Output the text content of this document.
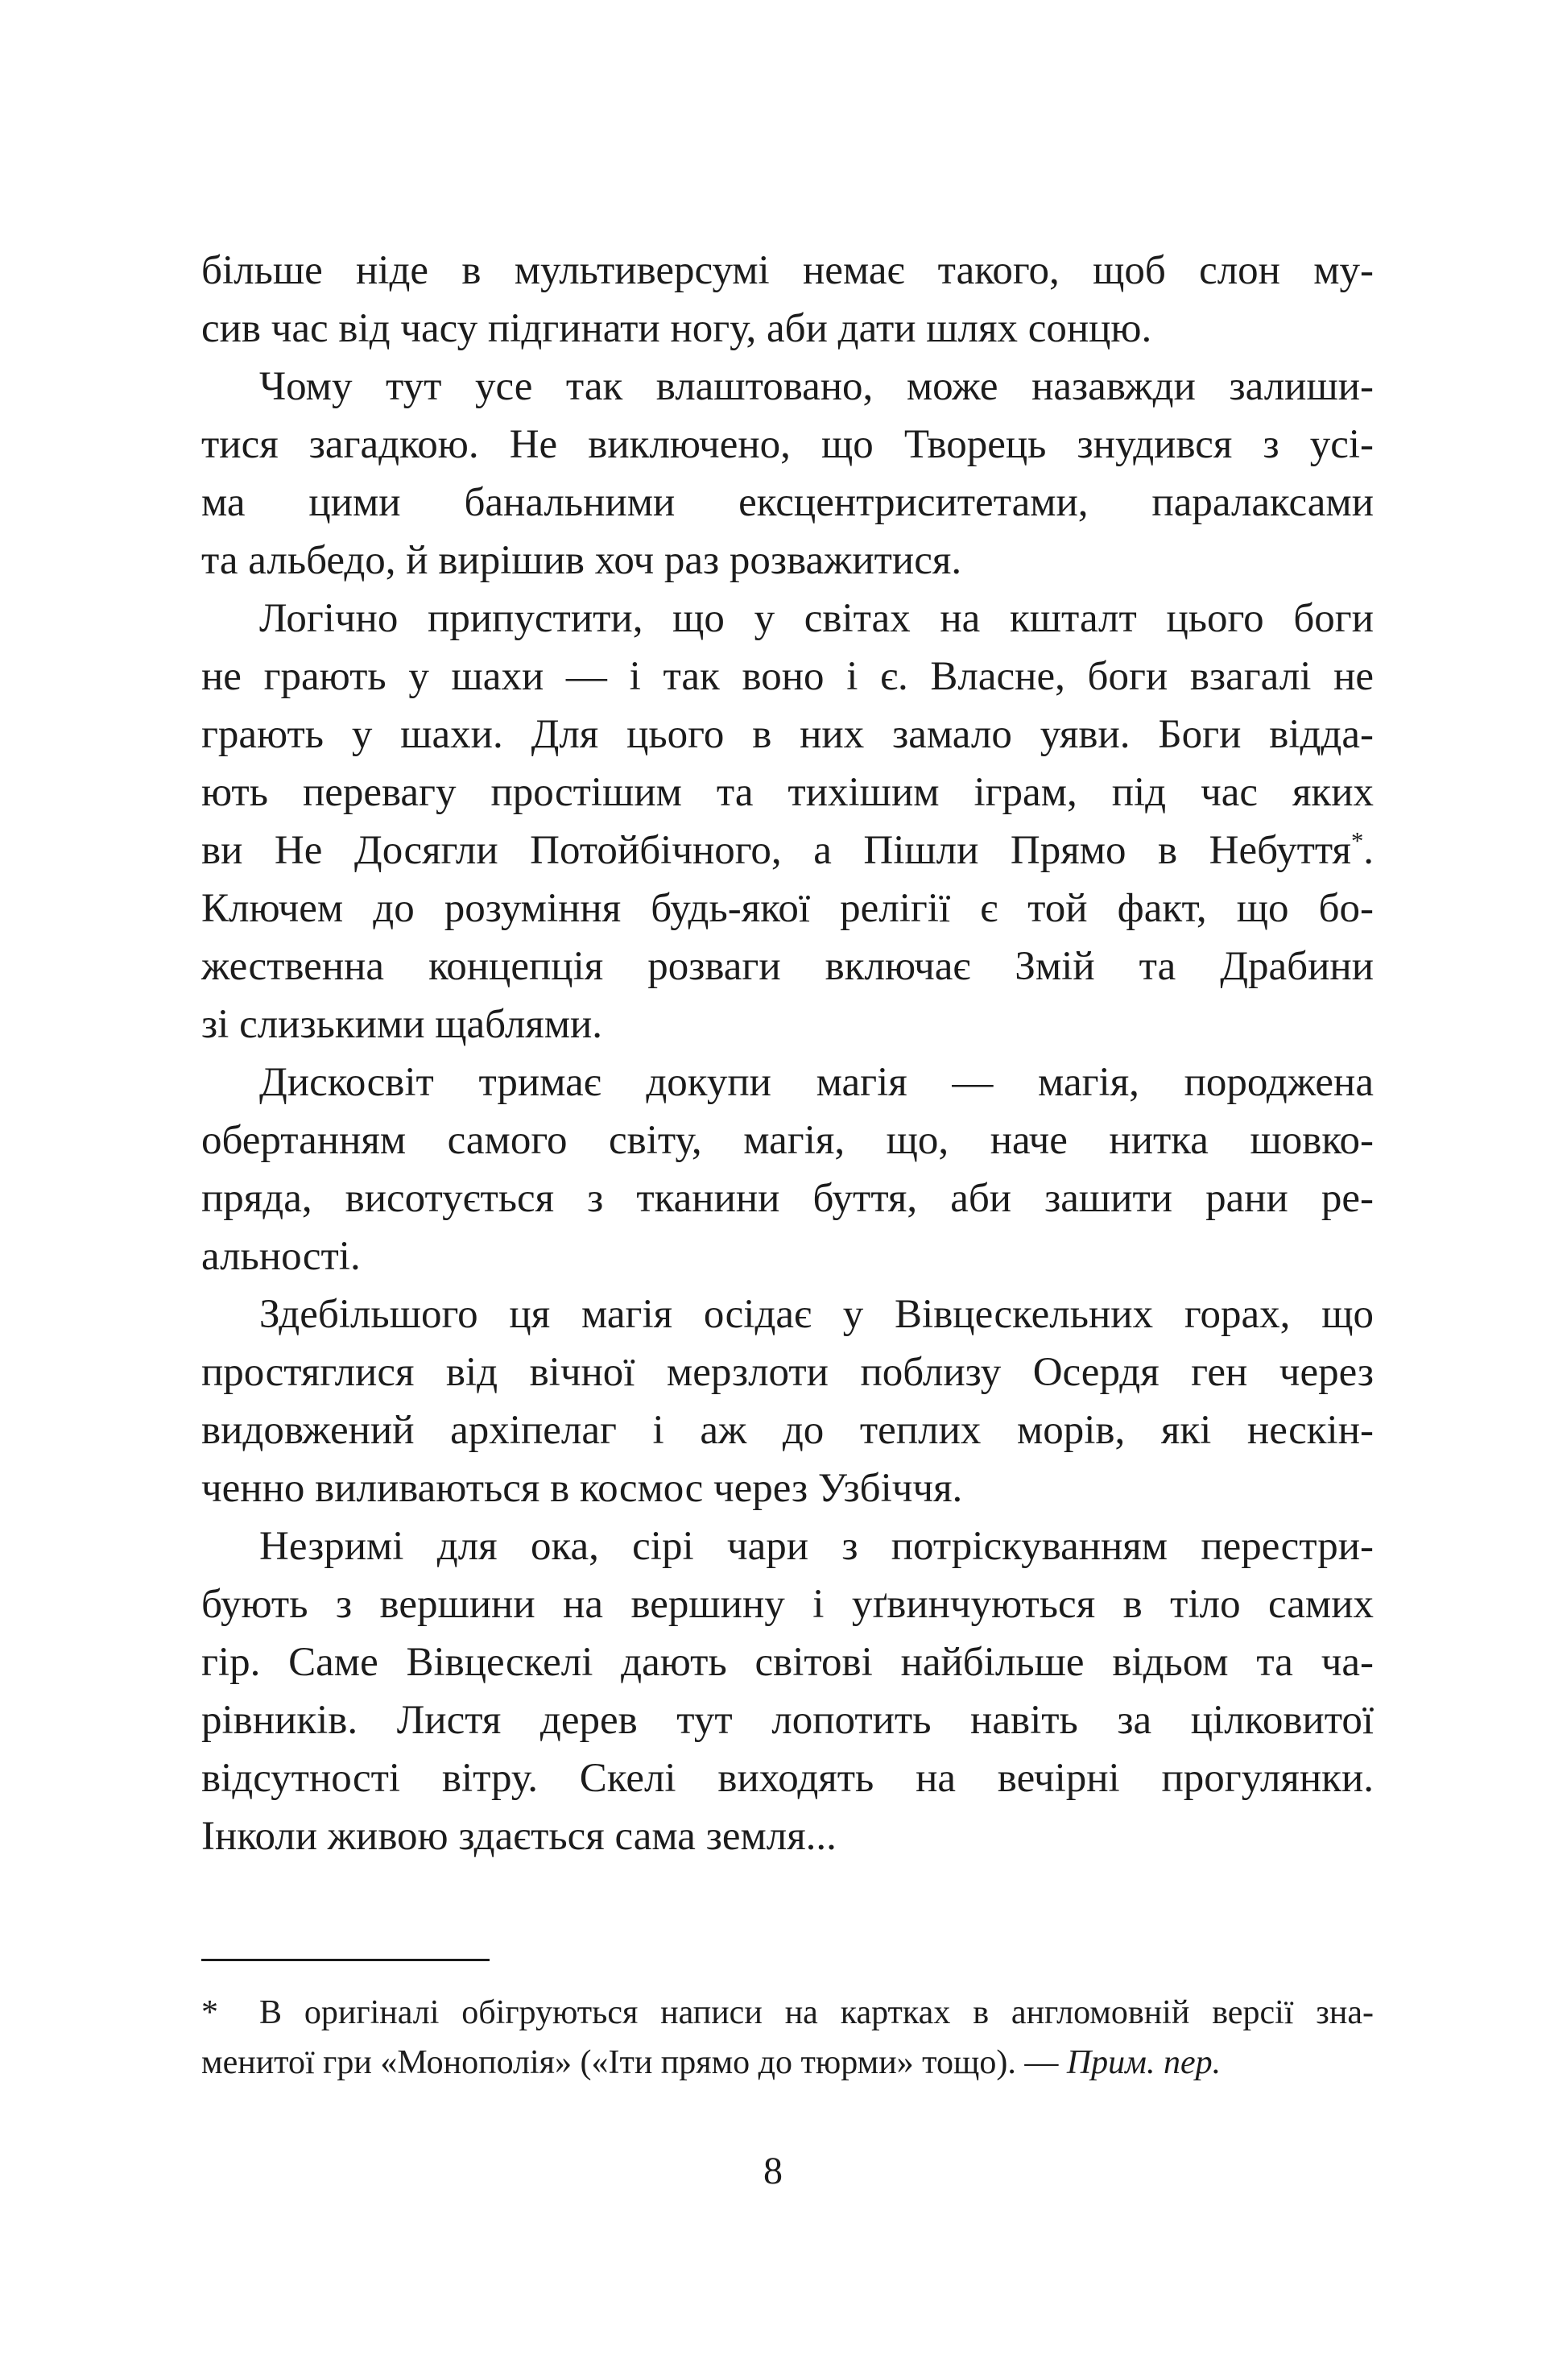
більше ніде в мультиверсумі немає такого, щоб слон му-
сив час від часу підгинати ногу, аби дати шлях сонцю.
Чому тут усе так влаштовано, може назавжди залиши-
тися загадкою. Не виключено, що Творець знудився з усі-
ма цими банальними ексцентриситетами, паралаксами
та альбедо, й вирішив хоч раз розважитися.
Логічно припустити, що у світах на кшталт цього боги
не грають у шахи — і так воно і є. Власне, боги взагалі не
грають у шахи. Для цього в них замало уяви. Боги відда-
ють перевагу простішим та тихішим іграм, під час яких
ви Не Досягли Потойбічного, а Пішли Прямо в Небуття*.
Ключем до розуміння будь-якої релігії є той факт, що бо-
жественна концепція розваги включає Змій та Драбини
зі слизькими щаблями.
Дискосвіт тримає докупи магія — магія, породжена
обертанням самого світу, магія, що, наче нитка шовко-
пряда, висотується з тканини буття, аби зашити рани ре-
альності.
Здебільшого ця магія осідає у Вівцескельних горах, що
простяглися від вічної мерзлоти поблизу Осердя ген через
видовжений архіпелаг і аж до теплих морів, які нескін-
ченно виливаються в космос через Узбіччя.
Незримі для ока, сірі чари з потріскуванням перестри-
бують з вершини на вершину і уґвинчуються в тіло самих
гір. Саме Вівцескелі дають світові найбільше відьом та ча-
рівників. Листя дерев тут лопотить навіть за цілковитої
відсутності вітру. Скелі виходять на вечірні прогулянки.
Інколи живою здається сама земля...
* В оригіналі обігруються написи на картках в англомовній версії зна-
менитої гри «Монополія» («Іти прямо до тюрми» тощо). — Прим. пер.
8
